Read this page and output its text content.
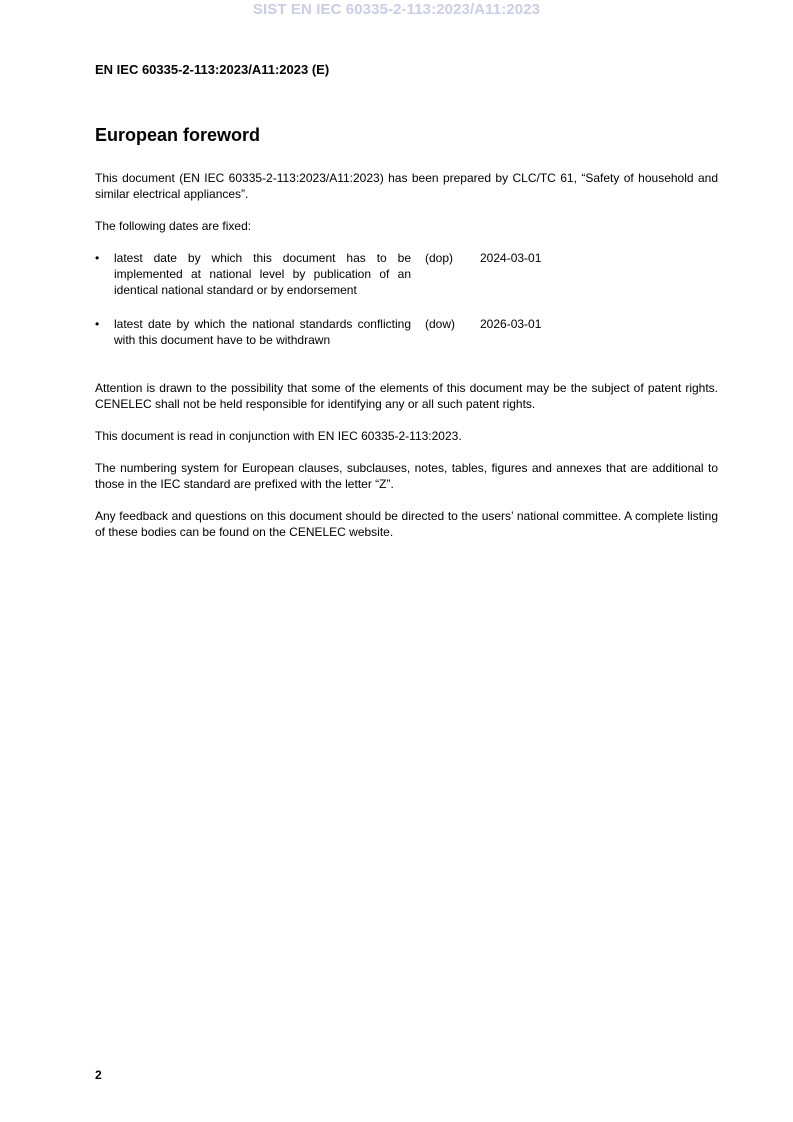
SIST EN IEC 60335-2-113:2023/A11:2023
EN IEC 60335-2-113:2023/A11:2023 (E)
European foreword

This document (EN IEC 60335-2-113:2023/A11:2023) has been prepared by CLC/TC 61, “Safety of household and similar electrical appliances”.

The following dates are fixed:

• latest date by which this document has to be implemented at national level by publication of an identical national standard or by endorsement
(dop) 2024-03-01
• latest date by which the national standards conflicting with this document have to be withdrawn
(dow) 2026-03-01

Attention is drawn to the possibility that some of the elements of this document may be the subject of patent rights. CENELEC shall not be held responsible for identifying any or all such patent rights.

This document is read in conjunction with EN IEC 60335-2-113:2023.

The numbering system for European clauses, subclauses, notes, tables, figures and annexes that are additional to those in the IEC standard are prefixed with the letter “Z”.

Any feedback and questions on this document should be directed to the users’ national committee. A complete listing of these bodies can be found on the CENELEC website.

2
